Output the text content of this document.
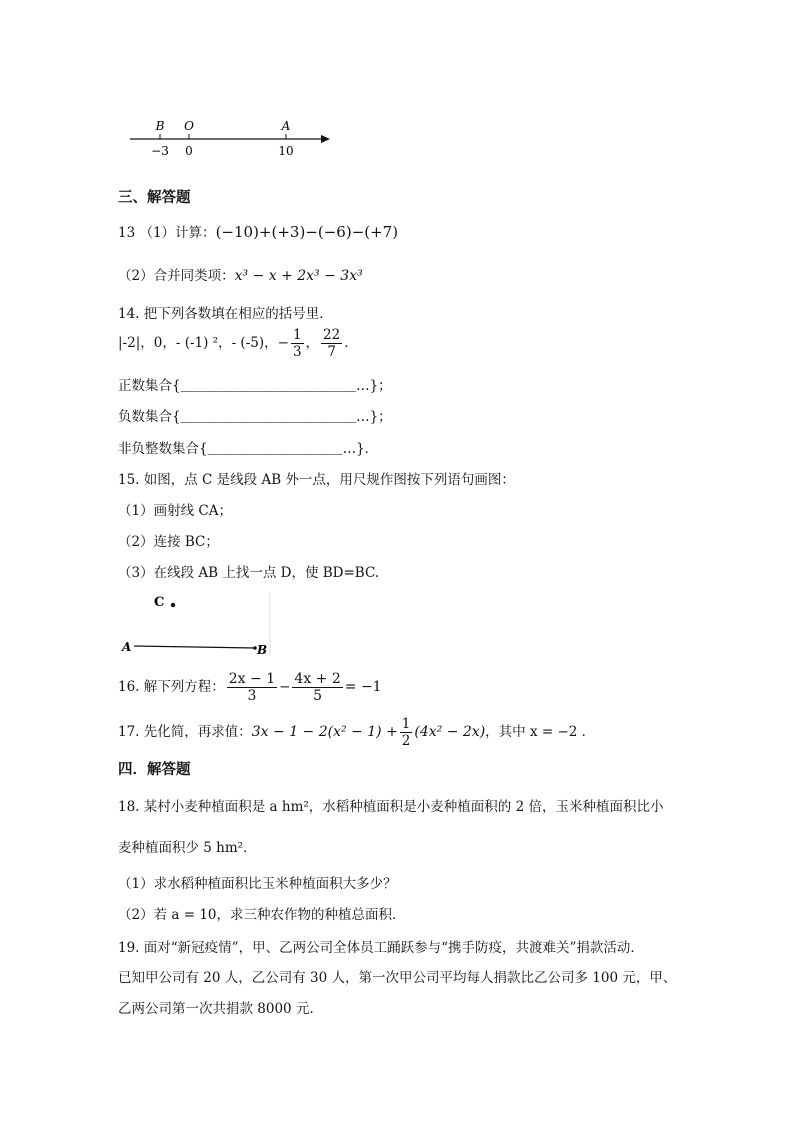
B O	A
−3 0	10
三、解答题
13 （1）计算：(−10)+(+3)−(−6)−(+7)
（2）合并同类项：x³ − x + 2x³ − 3x³
14. 把下列各数填在相应的括号里．
|-2|，0，- (-1) ²，- (-5)，− $\frac{1}{3}$ ， $\frac{22}{7}$ ．
正数集合{＿＿＿＿＿＿＿＿＿＿＿＿＿…}；
负数集合{＿＿＿＿＿＿＿＿＿＿＿＿＿…}；
非负整数集合{＿＿＿＿＿＿＿＿＿＿…}．
15. 如图，点 C 是线段 AB 外一点，用尺规作图按下列语句画图：
（1）画射线 CA；
（2）连接 BC；
（3）在线段 AB 上找一点 D，使 BD=BC.
C
A	B
16. 解下列方程： $\frac{2x - 1}{3} - \frac{4x + 2}{5} = -1$
17. 先化简，再求值：$3x - 1 - 2(x^2 - 1) + \frac{1}{2} (4x^2 - 2x)$，其中 x = −2 ．
四．解答题
18. 某村小麦种植面积是 a hm²，水稻种植面积是小麦种植面积的 2 倍，玉米种植面积比小
麦种植面积少 5 hm²．
（1）求水稻种植面积比玉米种植面积大多少？
（2）若 a = 10，求三种农作物的种植总面积．
19. 面对“新冠疫情”，甲、乙两公司全体员工踊跃参与“携手防疫，共渡难关”捐款活动．
已知甲公司有 20 人，乙公司有 30 人，第一次甲公司平均每人捐款比乙公司多 100 元，甲、
乙两公司第一次共捐款 8000 元．
